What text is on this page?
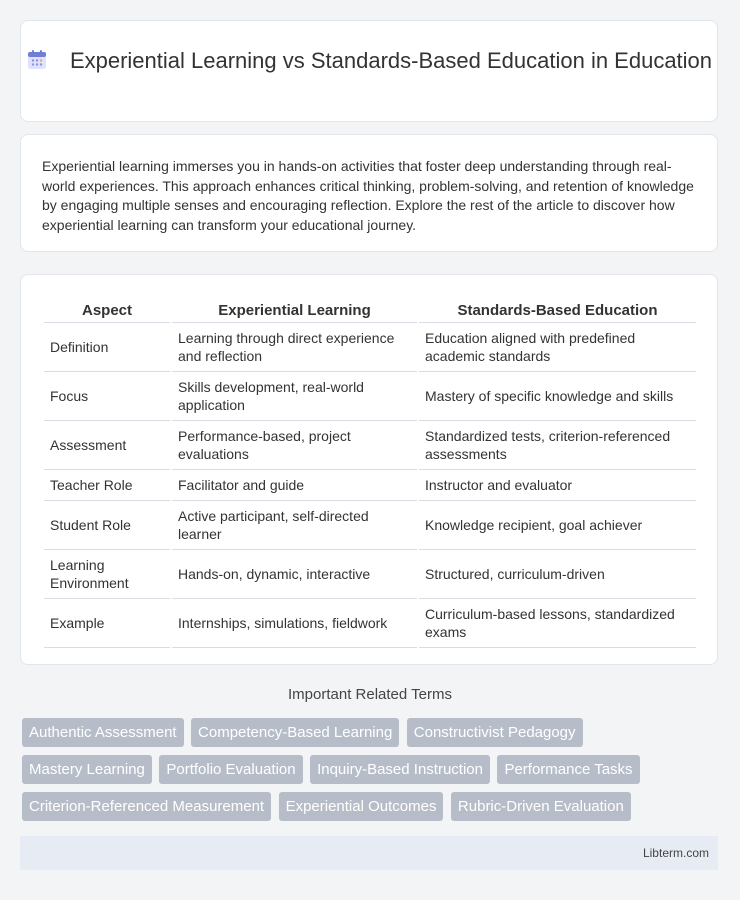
Experiential Learning vs Standards-Based Education in Education

Experiential learning immerses you in hands-on activities that foster deep understanding through real-world experiences. This approach enhances critical thinking, problem-solving, and retention of knowledge by engaging multiple senses and encouraging reflection. Explore the rest of the article to discover how experiential learning can transform your educational journey.

Aspect	Experiential Learning	Standards-Based Education
Definition	Learning through direct experience and reflection	Education aligned with predefined academic standards
Focus	Skills development, real-world application	Mastery of specific knowledge and skills
Assessment	Performance-based, project evaluations	Standardized tests, criterion-referenced assessments
Teacher Role	Facilitator and guide	Instructor and evaluator
Student Role	Active participant, self-directed learner	Knowledge recipient, goal achiever
Learning Environment	Hands-on, dynamic, interactive	Structured, curriculum-driven
Example	Internships, simulations, fieldwork	Curriculum-based lessons, standardized exams
Important Related Terms
Authentic Assessment Competency-Based Learning Constructivist Pedagogy
Mastery Learning Portfolio Evaluation Inquiry-Based Instruction Performance Tasks
Criterion-Referenced Measurement Experiential Outcomes Rubric-Driven Evaluation
Libterm.com
